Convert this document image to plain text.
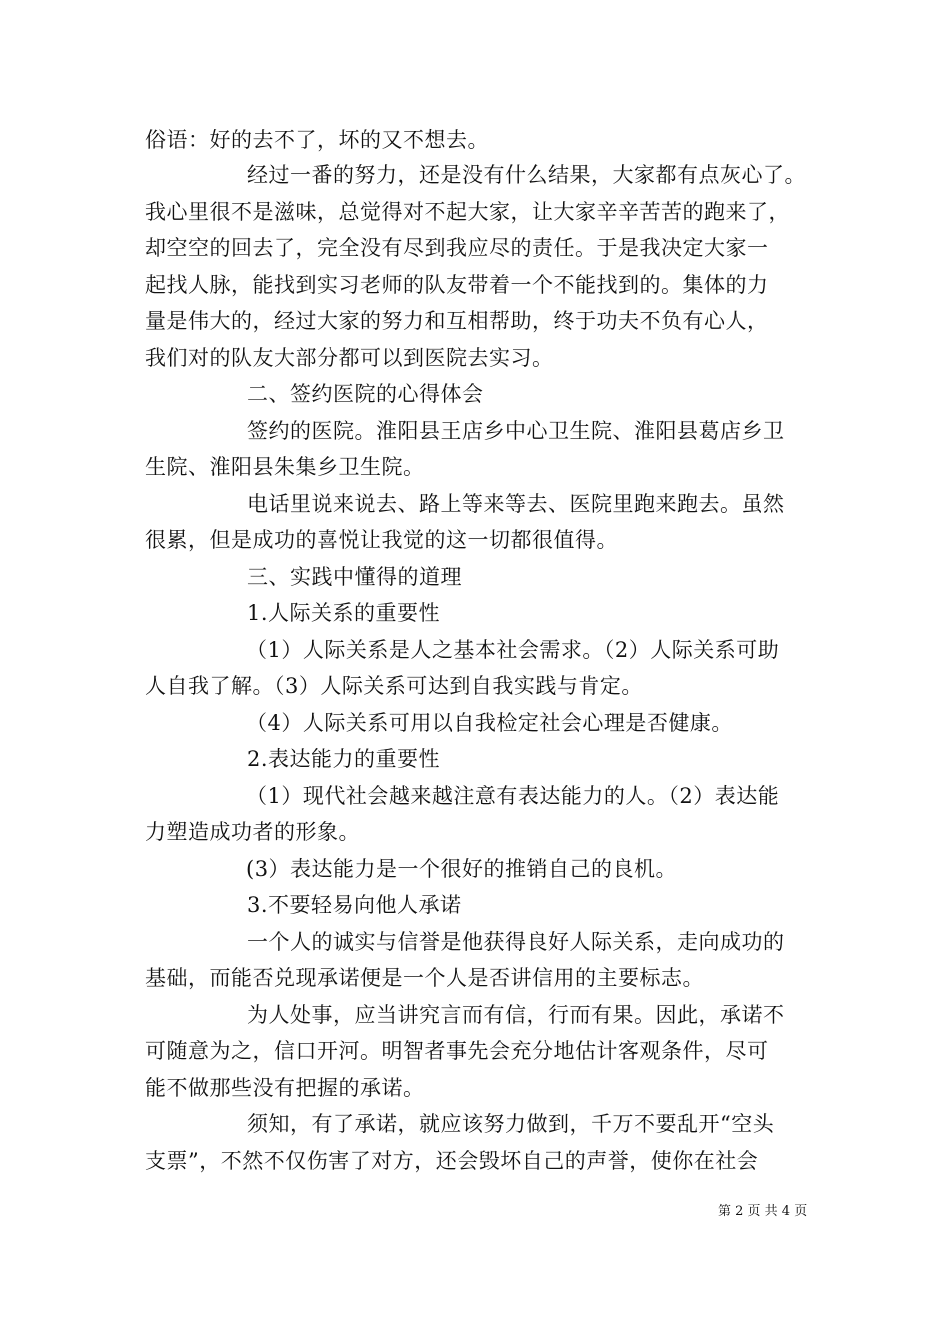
俗语：好的去不了，坏的又不想去。
经过一番的努力，还是没有什么结果，大家都有点灰心了。
我心里很不是滋味，总觉得对不起大家，让大家辛辛苦苦的跑来了，
却空空的回去了，完全没有尽到我应尽的责任。于是我决定大家一
起找人脉，能找到实习老师的队友带着一个不能找到的。集体的力
量是伟大的，经过大家的努力和互相帮助，终于功夫不负有心人，
我们对的队友大部分都可以到医院去实习。
二、签约医院的心得体会
签约的医院。淮阳县王店乡中心卫生院、淮阳县葛店乡卫
生院、淮阳县朱集乡卫生院。
电话里说来说去、路上等来等去、医院里跑来跑去。虽然
很累，但是成功的喜悦让我觉的这一切都很值得。
三、实践中懂得的道理
1.人际关系的重要性
（1）人际关系是人之基本社会需求。（2）人际关系可助
人自我了解。（3）人际关系可达到自我实践与肯定。
（4）人际关系可用以自我检定社会心理是否健康。
2.表达能力的重要性
（1）现代社会越来越注意有表达能力的人。（2）表达能
力塑造成功者的形象。
(3）表达能力是一个很好的推销自己的良机。
3.不要轻易向他人承诺
一个人的诚实与信誉是他获得良好人际关系，走向成功的
基础，而能否兑现承诺便是一个人是否讲信用的主要标志。
为人处事，应当讲究言而有信，行而有果。因此，承诺不
可随意为之，信口开河。明智者事先会充分地估计客观条件，尽可
能不做那些没有把握的承诺。
须知，有了承诺，就应该努力做到，千万不要乱开“空头
支票”，不然不仅伤害了对方，还会毁坏自己的声誉，使你在社会
第 2 页 共 4 页
